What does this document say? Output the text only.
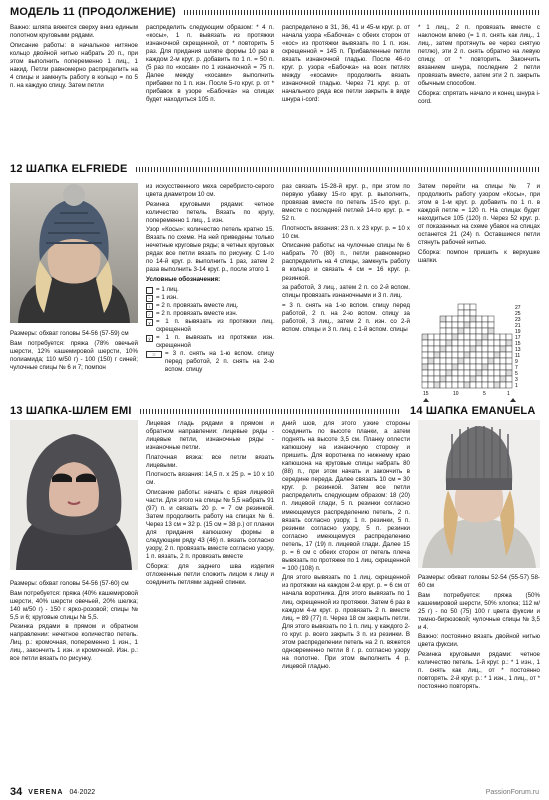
МОДЕЛЬ 11 (ПРОДОЛЖЕНИЕ)

Важно: шляпа вяжется сверху вниз единым полотном круговыми рядами.

Описание работы: в начальное нитяное кольцо двойной нитью набрать 20 п., при этом выполнить попеременно 1 лиц., 1 накид. Петли равномерно распределить на 4 спицы и замкнуть работу в кольцо = по 5 п. на каждую спицу. Затем петли

распределить следующим образом: * 4 п. «косы», 1 п. вывязать из протяжки изнаночной скрещенной, от * повторить 5 раз. Для придания шляпе формы 10 раз в каждом 2-м круг. р. добавить по 1 п. = 50 п. (5 раз по «косам» по 1 изнаночной = 75 п. Далее между «косами» выполнить прибавки по 1 п. изн. После 5-го круг. р. от * прибавок в узоре «Бабочка» на спицах будет находиться 105 п.

распределено в 31, 36, 41 и 45-м круг. р. от начала узора «Бабочка» с обеих сторон от «кос» из протяжки вывязать по 1 п. изн. скрещенной = 145 п. Прибавленные петли вязать изнаночной гладью. После 46-го круг. р. узора «Бабочка» на всех петлях между «косами» продолжить вязать изнаночной гладью. Через 71 круг. р. от начального ряда все петли закрыть в виде шнура i-cord:

* 1 лиц., 2 п. провязать вместе с наклоном влево (= 1 п. снять как лиц., 1 лиц., затем протянуть ее через снятую петлю), эти 2 п. снять обратно на левую спицу, от * повторить. Закончить вязанием шнура, последние 2 петли провязать вместе, затем эти 2 п. закрыть обычным способом.

Сборка: спрятать начало и конец шнура i-cord.

12 ШАПКА ELFRIEDE

Размеры: обхват головы 54-56 (57-59) см

Вам потребуется: пряжа (78% овечьей шерсти, 12% кашемировой шерсти, 10% полиамида; 110 м/50 г) - 100 (150) г синей; чулочные спицы № 6 и 7; помпон

из искусственного меха серебристо-серого цвета диаметром 10 см.

Резинка круговыми рядами: четное количество петель. Вязать по кругу, попеременно 1 лиц., 1 изн.

Узор «Косы»: количество петель кратно 15. Вязать по схеме. На ней приведены только нечетные круговые ряды; в четных круговых рядах все петли вязать по рисунку. С 1-го по 14-й круг. р. выполнить 1 раз, затем 2 раза выполнить 3-14 круг. р., после этого 1

Условные обозначения:

= 1 лиц.
− = 1 изн.
/ = 2 п. провязать вместе лиц.
⁄ = 2 п. провязать вместе изн.
y = 1 п. вывязать из протяжки лиц. скрещенной
ŷ = 1 п. вывязать из протяжки изн. скрещенной
⤫	= 3 п. снять на 1-ю вспом. спицу перед работой, 2 п. снять на 2-ю вспом. спицу

раз связать 15-28-й круг. р., при этом по первую убавку 15-го круг. р. выполнить, провязав вместе по петель 15-го круг. р. вместе с последней петлей 14-го круг. р. = 52 п.

Плотность вязания: 23 п. x 23 круг. р. = 10 x 10 см.

Описание работы: на чулочные спицы № 6 набрать 70 (80) п., петли равномерно распределить на 4 спицы, замкнуть работу в кольцо и связать 4 см = 16 круг. р. резинкой.

за работой, 3 лиц., затем 2 п. со 2-й вспом. спицы провязать изнаночными и 3 п. лиц.

= 3 п. снять на 1-ю вспом. спицу перед работой, 2 п. на 2-ю вспом. спицу за работой, 3 лиц., затем 2 п. изн. со 2-й вспом. спицы и 3 п. лиц. с 1-й вспом. спицы

Затем перейти на спицы № 7 и продолжить работу узором «Косы», при этом в 1-м круг. р. добавить по 1 п. в каждой петле = 120 п. На спицах будет находиться 105 (120) п. Через 52 круг. р. от показанных на схеме убавок на спицах останется 21 (24) п. Оставшиеся петли стянуть рабочей нитью.

Сборка: помпон пришить к верхушке шапки.

27
25
23
21
19
17
15
13
11
9
7
5
3
1
15	10	5	1
13 ШАПКА-ШЛЕМ EMI	14 ШАПКА EMANUELA

Размеры: обхват головы 54-56 (57-60) см

Вам потребуется: пряжа (40% кашемировой шерсти, 40% шерсти овечьей, 20% шелка; 140 м/50 г) - 150 г ярко-розовой; спицы № 5,5 и 6; круговые спицы № 5,5.

Резинка рядами в прямом и обратном направлении: нечетное количество петель. Лиц. р.: кромочная, попеременно 1 изн., 1 лиц., закончить 1 изн. и кромочной. Изн. р.: все петли вязать по рисунку.

Лицевая гладь рядами в прямом и обратном направлении: лицевые ряды - лицевые петли, изнаночные ряды - изнаночные петли.

Платочная вязка: все петли вязать лицевыми.

Плотность вязания: 14,5 п. x 25 р. = 10 x 10 см.

Описание работы: начать с края лицевой части. Для этого на спицы № 5,5 набрать 91 (97) п. и связать 20 р. = 7 см резинкой. Затем продолжить работу на спицах № 6. Через 13 см = 32 р. (15 см = 38 р.) от планки для придания капюшону формы в следующем ряду 43 (46) п. вязать согласно узору, 2 п. провязать вместе согласно узору, 1 п. вязать, 2 п. провязать вместе

Сборка: для заднего шва изделия отложенные петли сложить лицом к лицу и соединить петлями задней спинки.

дний шов, для этого узкие стороны соединить по высоте планки, а затем поднять на высоте 3,5 см. Планку оплести капюшону на изнаночную сторону и пришить. Для воротника по нижнему краю капюшона на круговые спицы набрать 80 (88) п., при этом начать и закончить в середине переда. Далее связать 10 см = 30 круг. р. резинкой. Затем все петли распределить следующим образом: 18 (20) п. лицевой глади, 5 п. резинки согласно имеющемуся распределению петель, 2 п. вязать согласно узору, 1 п. резинки, 5 п. резинки согласно узору, 5 п. резинки согласно имеющемуся распределению петель, 17 (19) п. лицевой глади. Далее 15 р. = 6 см с обеих сторон от петель плеча вывязать по протяжке по 1 лиц. скрещенной = 100 (108) п.

Для этого вывязать по 1 лиц. скрещенной из протяжки на каждом 2-м круг. р. = 6 см от начала воротника. Для этого вывязать по 1 лиц. скрещенной из протяжки. Затем 6 раз в каждом 4-м круг. р. провязать 2 п. вместе лиц. = 89 (77) п. Через 18 см закрыть петли. Для этого вывязать по 1 п. лиц. у каждого 2-го круг. р. всего закрыть 3 п. из резинки. В этом распределении петель на 2 п. вяжется одновременно петли 8 г. р. согласно узору на полотне. При этом выполнить 4 р. лицевой гладью.

Размеры: обхват головы 52-54 (55-57) 58-60 см

Вам потребуется: пряжа (50% кашемировой шерсти, 50% хлопка; 112 м/ 25 г) - по 50 (75) 100 г цвета фуксии и темно-бирюзовой; чулочные спицы № 3,5 и 4.

Важно: постоянно вязать двойной нитью цвета фуксии.

Резинка круговыми рядами: четное количество петель. 1-й круг. р.: * 1 изн., 1 п. снять как лиц., от * постоянно повторять. 2-й круг. р.: * 1 изн., 1 лиц., от * постоянно повторять.

34 VERENA 04·2022	PassionForum.ru
